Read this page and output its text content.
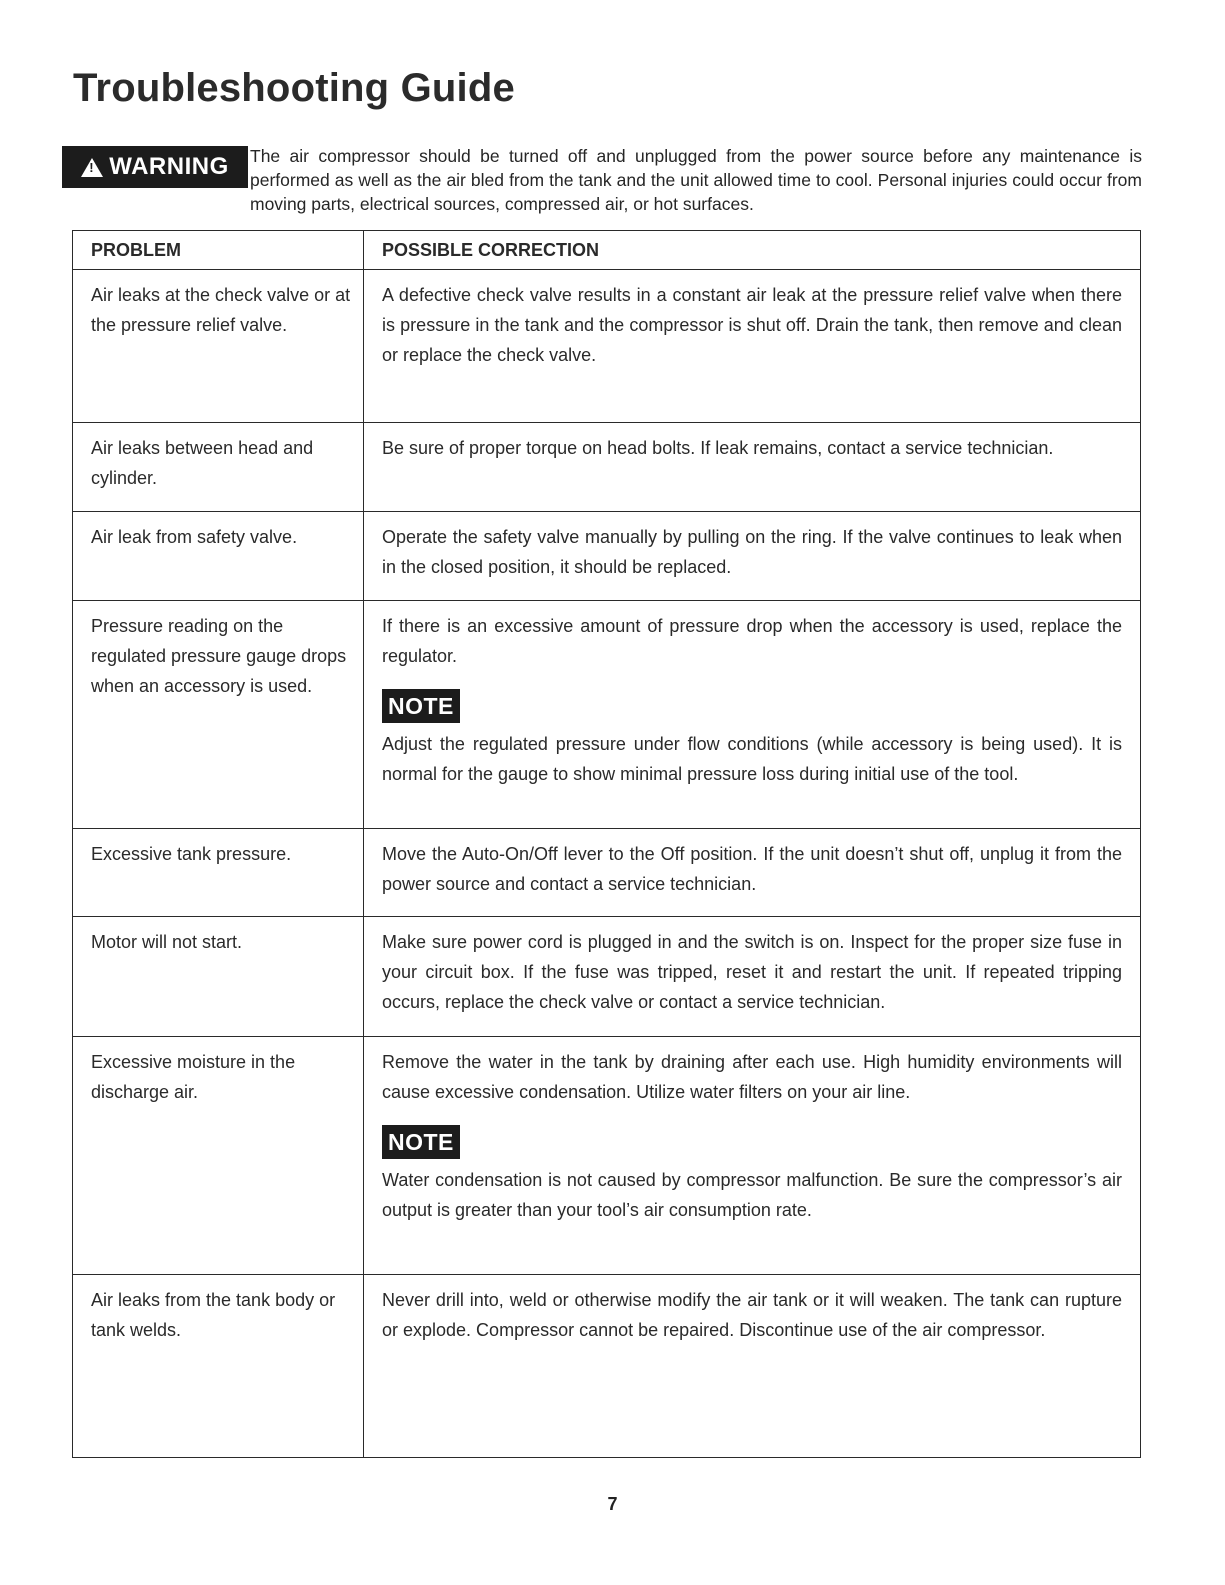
Troubleshooting Guide
!
WARNING The air compressor should be turned off and unplugged from the power source before any maintenance is performed as well as the air bled from the tank and the unit allowed time to cool. Personal injuries could occur from moving parts, electrical sources, compressed air, or hot surfaces.

PROBLEM	POSSIBLE CORRECTION
Air leaks at the check valve or at the pressure relief valve.	A defective check valve results in a constant air leak at the pressure relief valve when there is pressure in the tank and the compressor is shut off. Drain the tank, then remove and clean or replace the check valve.
Air leaks between head and cylinder.	Be sure of proper torque on head bolts. If leak remains, contact a service technician.
Air leak from safety valve.	Operate the safety valve manually by pulling on the ring. If the valve continues to leak when in the closed position, it should be replaced.
Pressure reading on the regulated pressure gauge drops when an accessory is used.	If there is an excessive amount of pressure drop when the accessory is used, replace the regulator.
NOTE
Adjust the regulated pressure under flow conditions (while accessory is being used). It is normal for the gauge to show minimal pressure loss during initial use of the tool.

Excessive tank pressure.	Move the Auto-On/Off lever to the Off position. If the unit doesn’t shut off, unplug it from the power source and contact a service technician.
Motor will not start.	Make sure power cord is plugged in and the switch is on. Inspect for the proper size fuse in your circuit box. If the fuse was tripped, reset it and restart the unit. If repeated tripping occurs, replace the check valve or contact a service technician.
Excessive moisture in the discharge air.	Remove the water in the tank by draining after each use. High humidity environments will cause excessive condensation. Utilize water filters on your air line.
NOTE
Water condensation is not caused by compressor malfunction. Be sure the compressor’s air output is greater than your tool’s air consumption rate.

Air leaks from the tank body or tank welds.	Never drill into, weld or otherwise modify the air tank or it will weaken. The tank can rupture or explode. Compressor cannot be repaired. Discontinue use of the air compressor.
7
